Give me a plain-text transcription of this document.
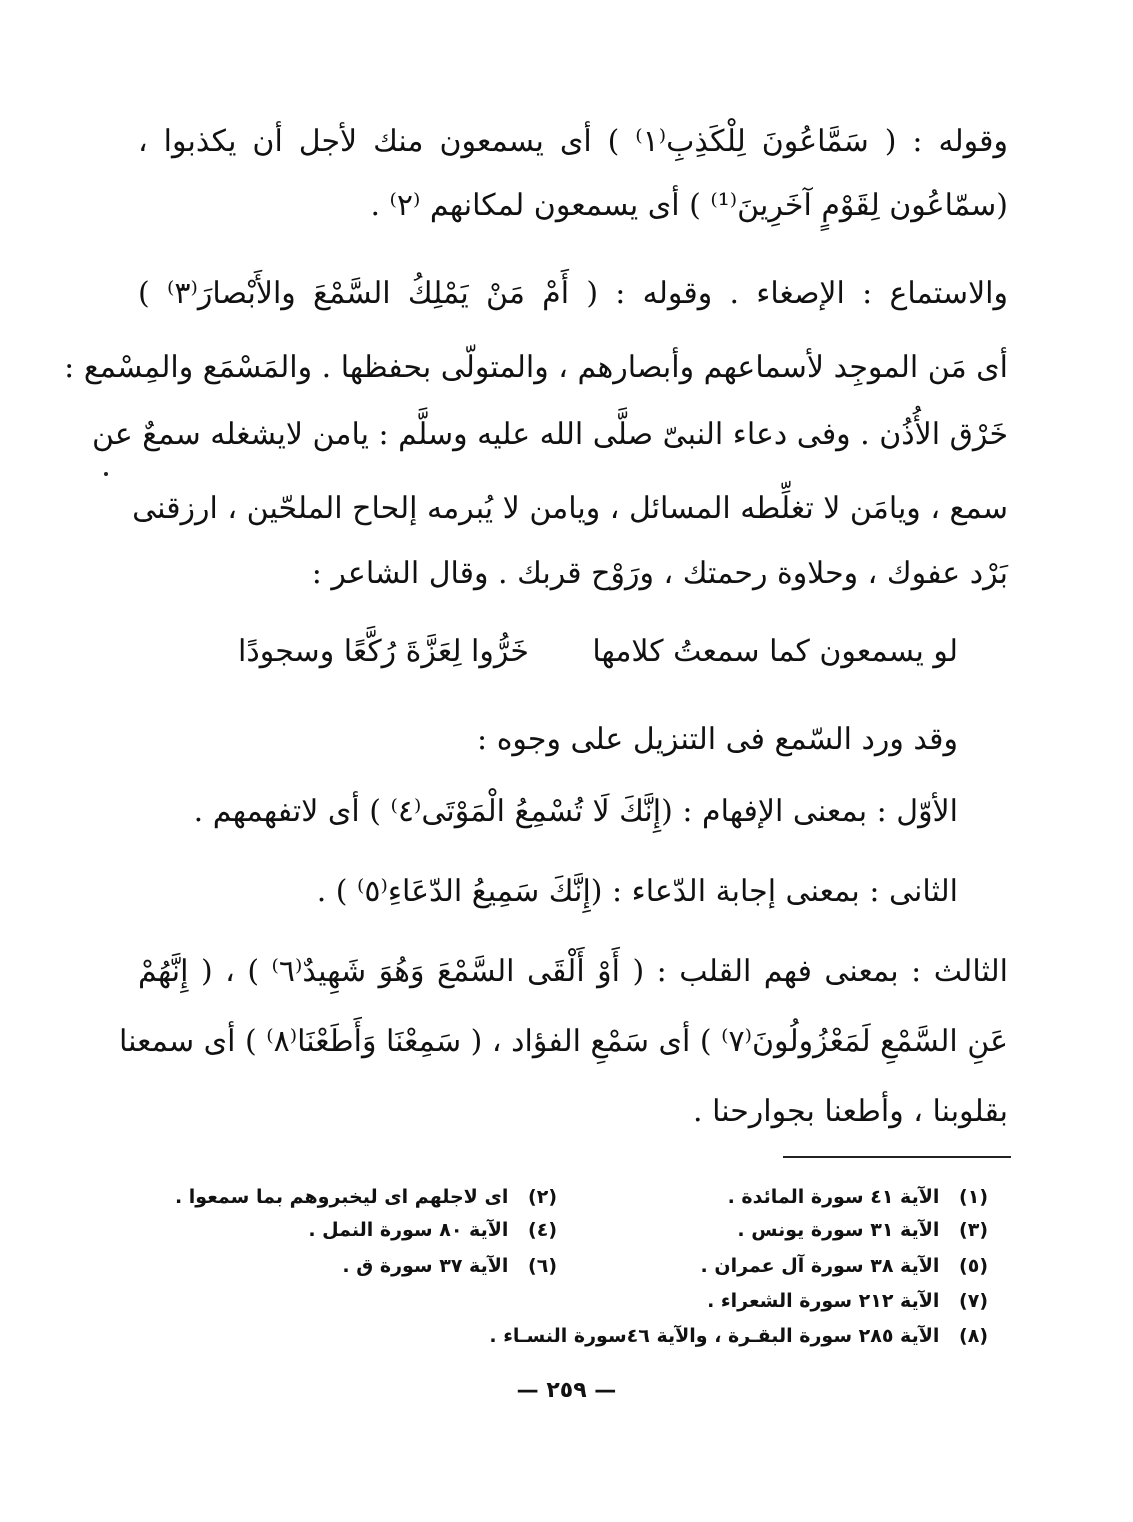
وقوله : ( سَمَّاعُونَ لِلْكَذِبِ⁽١⁾ ) أى يسمعون منك لأجل أن يكذبوا ،
(سمّاعُون لِقَوْمٍ آخَرِينَ⁽¹⁾ ) أى يسمعون لمكانهم ⁽٢⁾ .
والاستماع : الإصغاء . وقوله : ( أَمْ مَنْ يَمْلِكُ السَّمْعَ والأَبْصارَ⁽٣⁾ )
أى مَن الموجِد لأسماعهم وأبصارهم ، والمتولّى بحفظها . والمَسْمَع والمِسْمع :
خَرْق الأُذُن . وفى دعاء النبىّ صلَّى الله عليه وسلَّم : يامن لايشغله سمعٌ عن
سمع ، ويامَن لا تغلِّطه المسائل ، ويامن لا يُبرمه إلحاح الملحّين ، ارزقنى
بَرْد عفوك ، وحلاوة رحمتك ، ورَوْح قربك . وقال الشاعر :
لو يسمعون كما سمعتُ كلامها
خَرُّوا لِعَزَّةَ رُكَّعًا وسجودًا
وقد ورد السّمع فى التنزيل على وجوه :
الأوّل : بمعنى الإفهام : (إِنَّكَ لَا تُسْمِعُ الْمَوْتَى⁽٤⁾ ) أى لاتفهمهم .
الثانى : بمعنى إجابة الدّعاء : (إِنَّكَ سَمِيعُ الدّعَاءِ⁽٥⁾ ) .
الثالث : بمعنى فهم القلب : ( أَوْ أَلْقَى السَّمْعَ وَهُوَ شَهِيدٌ⁽٦⁾ ) ، ( إِنَّهُمْ
عَنِ السَّمْعِ لَمَعْزُولُونَ⁽٧⁾ ) أى سَمْعِ الفؤاد ، ( سَمِعْنَا وَأَطَعْنَا⁽٨⁾ ) أى سمعنا
بقلوبنا ، وأطعنا بجوارحنا .
(١) الآية ٤١ سورة المائدة .
(٢) اى لاجلهم اى ليخبروهم بما سمعوا .
(٣) الآية ٣١ سورة يونس .
(٤) الآية ٨٠ سورة النمل .
(٥) الآية ٣٨ سورة آل عمران .
(٦) الآية ٣٧ سورة ق .
(٧) الآية ٢١٢ سورة الشعراء .
(٨) الآية ٢٨٥ سورة البقـرة ، والآية ٤٦سورة النسـاء .
— ٢٥٩ —
